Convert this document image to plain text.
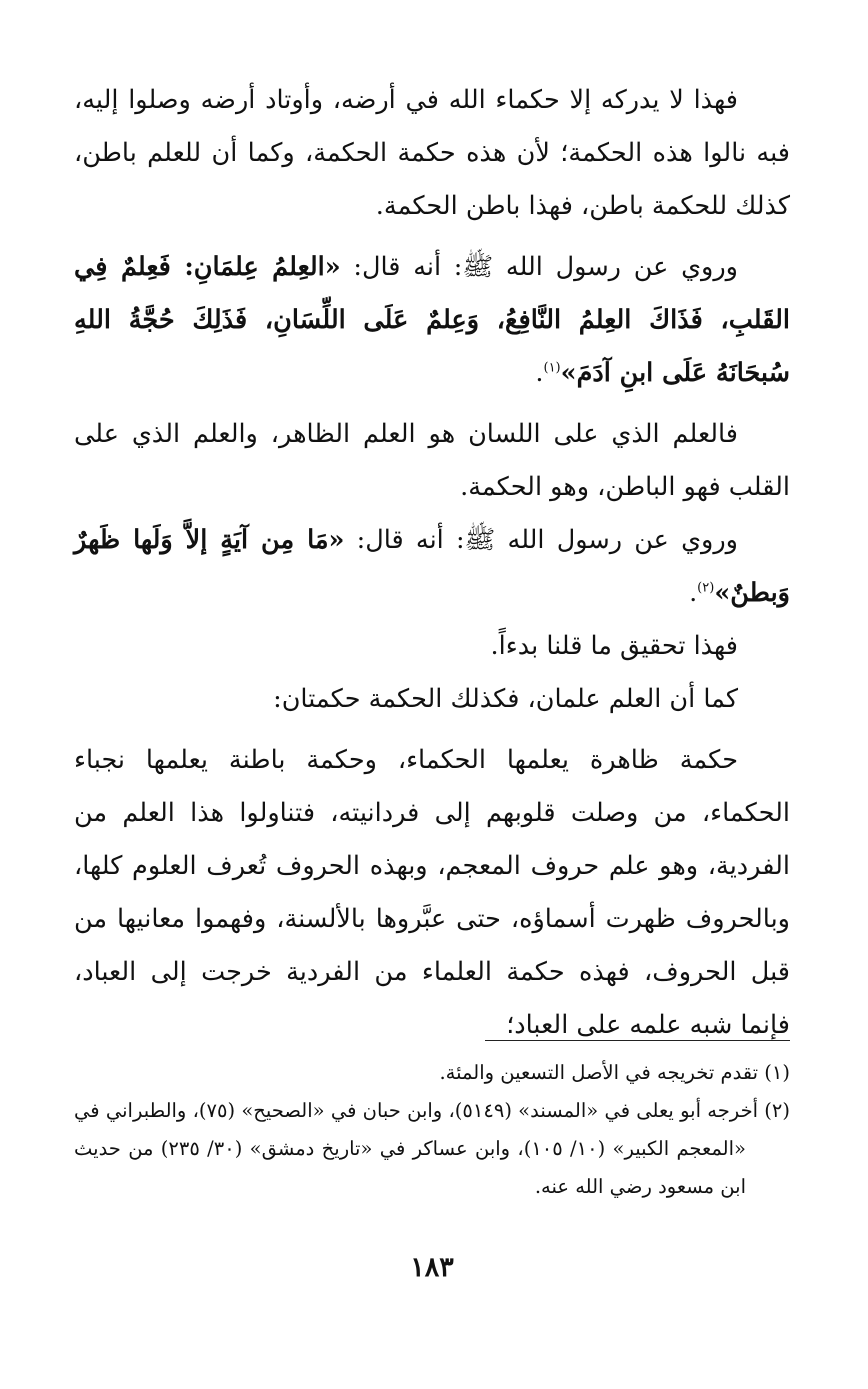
فهذا لا يدركه إلا حكماء الله في أرضه، وأوتاد أرضه وصلوا إليه، فبه نالوا هذه الحكمة؛ لأن هذه حكمة الحكمة، وكما أن للعلم باطن، كذلك للحكمة باطن، فهذا باطن الحكمة.

وروي عن رسول الله ﷺ: أنه قال: «العِلمُ عِلمَانِ: فَعِلمٌ فِي القَلبِ، فَذَاكَ العِلمُ النَّافِعُ، وَعِلمٌ عَلَى اللِّسَانِ، فَذَلِكَ حُجَّةُ اللهِ سُبحَانَهُ عَلَى ابنِ آدَمَ»$^{(١)}$.

فالعلم الذي على اللسان هو العلم الظاهر، والعلم الذي على القلب فهو الباطن، وهو الحكمة.

وروي عن رسول الله ﷺ: أنه قال: «مَا مِن آيَةٍ إلاَّ وَلَها ظَهرٌ وَبطنٌ»$^{(٢)}$.

فهذا تحقيق ما قلنا بدءاً.

كما أن العلم علمان، فكذلك الحكمة حكمتان:

حكمة ظاهرة يعلمها الحكماء، وحكمة باطنة يعلمها نجباء الحكماء، من وصلت قلوبهم إلى فردانيته، فتناولوا هذا العلم من الفردية، وهو علم حروف المعجم، وبهذه الحروف تُعرف العلوم كلها، وبالحروف ظهرت أسماؤه، حتى عبَّروها بالألسنة، وفهموا معانيها من قبل الحروف، فهذه حكمة العلماء من الفردية خرجت إلى العباد، فإنما شبه علمه على العباد؛

(١) تقدم تخريجه في الأصل التسعين والمئة.

(٢) أخرجه أبو يعلى في «المسند» (٥١٤٩)، وابن حبان في «الصحيح» (٧٥)، والطبراني في «المعجم الكبير» (١٠/ ١٠٥)، وابن عساكر في «تاريخ دمشق» (٣٠/ ٢٣٥) من حديث ابن مسعود رضي الله عنه.

١٨٣
